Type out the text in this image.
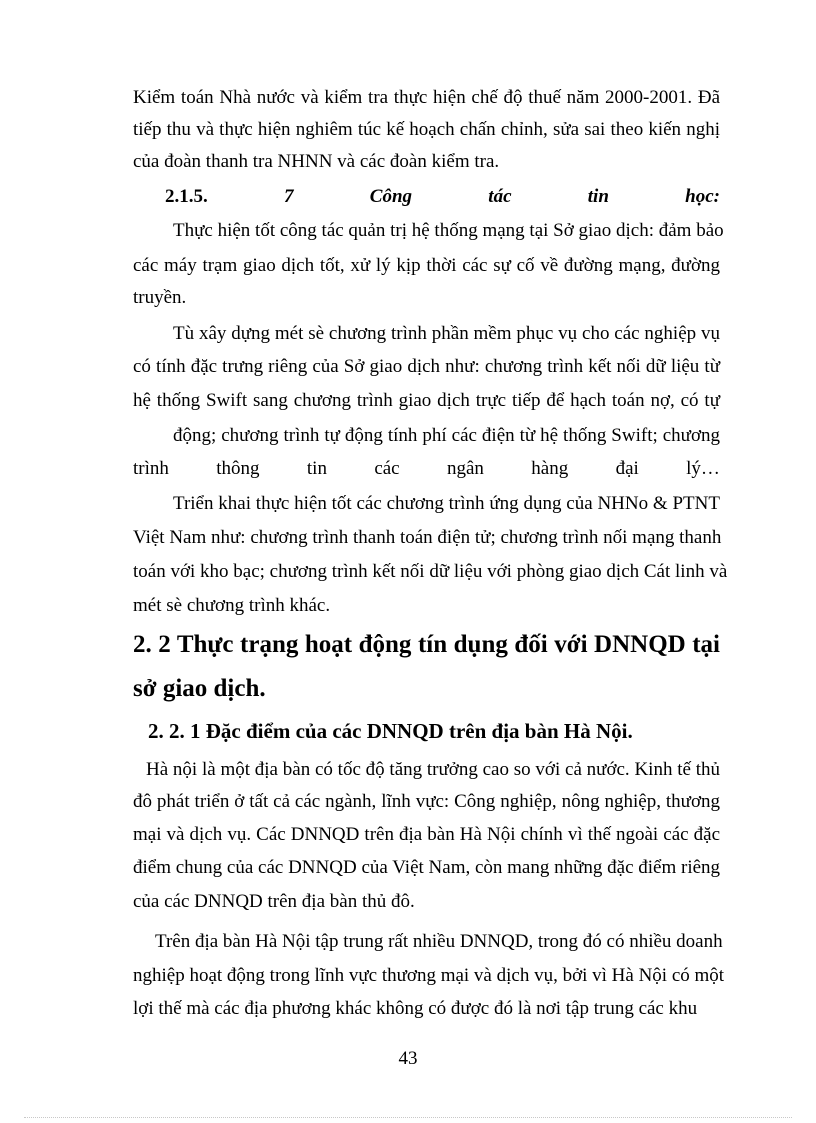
Kiểm toán Nhà nước và kiểm tra thực hiện chế độ thuế năm 2000-2001. Đã
tiếp thu và thực hiện nghiêm túc kế hoạch chấn chỉnh, sửa sai theo kiến nghị
của đoàn thanh tra NHNN và các đoàn kiểm tra.
2.1.5.	7	Công	tác	tin	học:
Thực hiện tốt công tác quản trị hệ thống mạng tại Sở giao dịch: đảm bảo
các máy trạm giao dịch tốt, xử lý kịp thời các sự cố về đường mạng, đường
truyền.
Tù xây dựng mét sè chương trình phần mềm phục vụ cho các nghiệp vụ
có tính đặc trưng riêng của Sở giao dịch như: chương trình kết nối dữ liệu từ
hệ thống Swift sang chương trình giao dịch trực tiếp để hạch toán nợ, có tự
động; chương trình tự động tính phí các điện từ hệ thống Swift; chương
trình thông tin các ngân hàng đại lý…
Triển khai thực hiện tốt các chương trình ứng dụng của NHNo & PTNT
Việt Nam như: chương trình thanh toán điện tử; chương trình nối mạng thanh
toán với kho bạc; chương trình kết nối dữ liệu với phòng giao dịch Cát linh và
mét sè chương trình khác.
2. 2 Thực trạng hoạt động tín dụng đối với DNNQD tại
sở giao dịch.
2. 2. 1 Đặc điểm của các DNNQD trên địa bàn Hà Nội.
Hà nội là một địa bàn có tốc độ tăng trưởng cao so với cả nước. Kinh tế thủ
đô phát triển ở tất cả các ngành, lĩnh vực: Công nghiệp, nông nghiệp, thương
mại và dịch vụ. Các DNNQD trên địa bàn Hà Nội chính vì thế ngoài các đặc
điểm chung của các DNNQD của Việt Nam, còn mang những đặc điểm riêng
của các DNNQD trên địa bàn thủ đô.
Trên địa bàn Hà Nội tập trung rất nhiều DNNQD, trong đó có nhiều doanh
nghiệp hoạt động trong lĩnh vực thương mại và dịch vụ, bởi vì Hà Nội có một
lợi thế mà các địa phương khác không có được đó là nơi tập trung các khu
43
